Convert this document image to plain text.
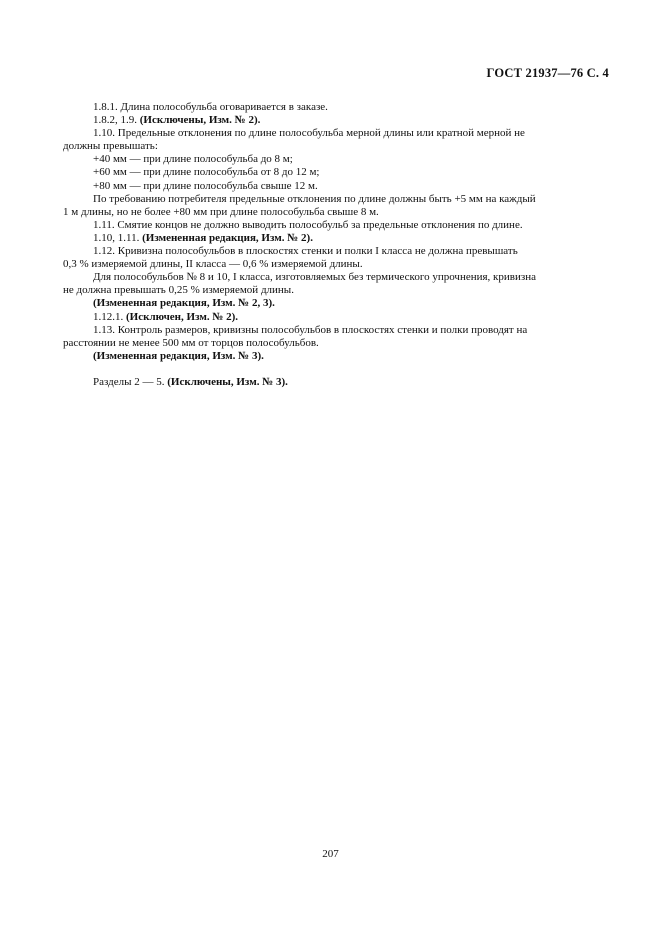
ГОСТ 21937—76 С. 4
1.8.1. Длина полособульба оговаривается в заказе.
1.8.2, 1.9. (Исключены, Изм. № 2).
1.10. Предельные отклонения по длине полособульба мерной длины или кратной мерной не
должны превышать:
+40 мм — при длине полособульба до 8 м;
+60 мм — при длине полособульба от 8 до 12 м;
+80 мм — при длине полособульба свыше 12 м.
По требованию потребителя предельные отклонения по длине должны быть +5 мм на каждый
1 м длины, но не более +80 мм при длине полособульба свыше 8 м.
1.11. Смятие концов не должно выводить полособульб за предельные отклонения по длине.
1.10, 1.11. (Измененная редакция, Изм. № 2).
1.12. Кривизна полособульбов в плоскостях стенки и полки I класса не должна превышать
0,3 % измеряемой длины, II класса — 0,6 % измеряемой длины.
Для полособульбов № 8 и 10, I класса, изготовляемых без термического упрочнения, кривизна
не должна превышать 0,25 % измеряемой длины.
(Измененная редакция, Изм. № 2, 3).
1.12.1. (Исключен, Изм. № 2).
1.13. Контроль размеров, кривизны полособульбов в плоскостях стенки и полки проводят на
расстоянии не менее 500 мм от торцов полособульбов.
(Измененная редакция, Изм. № 3).
Разделы 2 — 5. (Исключены, Изм. № 3).
207
